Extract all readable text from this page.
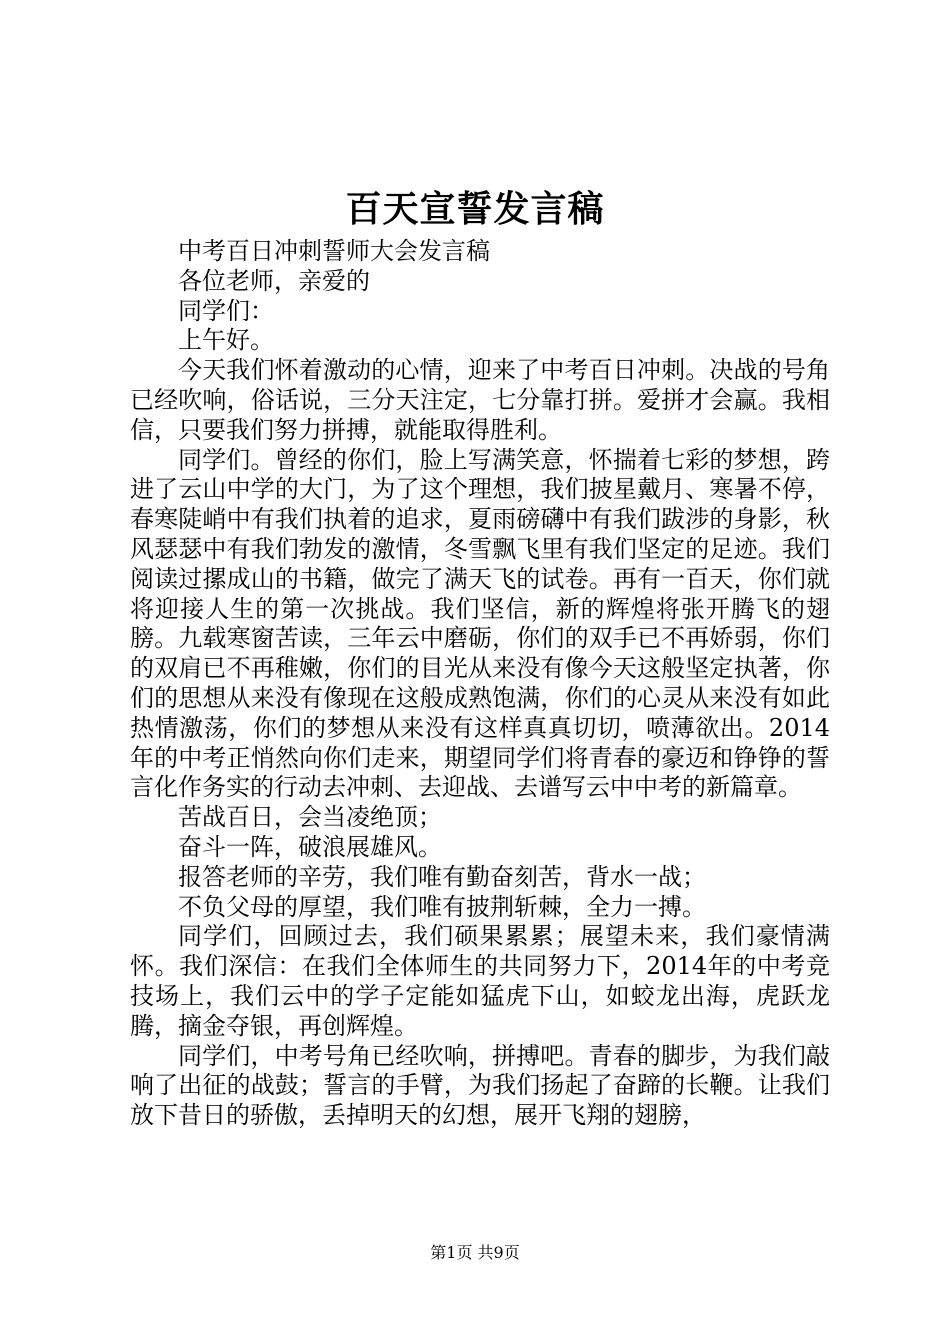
百天宣誓发言稿

中考百日冲刺誓师大会发言稿

各位老师，亲爱的

同学们：

上午好。

今天我们怀着激动的心情，迎来了中考百日冲刺。决战的号角已经吹响，俗话说，三分天注定，七分靠打拼。爱拼才会赢。我相信，只要我们努力拼搏，就能取得胜利。

同学们。曾经的你们，脸上写满笑意，怀揣着七彩的梦想，跨进了云山中学的大门，为了这个理想，我们披星戴月、寒暑不停，春寒陡峭中有我们执着的追求，夏雨磅礴中有我们跋涉的身影，秋风瑟瑟中有我们勃发的激情，冬雪飘飞里有我们坚定的足迹。我们阅读过摞成山的书籍，做完了满天飞的试卷。再有一百天，你们就将迎接人生的第一次挑战。我们坚信，新的辉煌将张开腾飞的翅膀。九载寒窗苦读，三年云中磨砺，你们的双手已不再娇弱，你们的双肩已不再稚嫩，你们的目光从来没有像今天这般坚定执著，你们的思想从来没有像现在这般成熟饱满，你们的心灵从来没有如此热情激荡，你们的梦想从来没有这样真真切切，喷薄欲出。2014年的中考正悄然向你们走来，期望同学们将青春的豪迈和铮铮的誓言化作务实的行动去冲刺、去迎战、去谱写云中中考的新篇章。

苦战百日，会当凌绝顶；

奋斗一阵，破浪展雄风。

报答老师的辛劳，我们唯有勤奋刻苦，背水一战；

不负父母的厚望，我们唯有披荆斩棘，全力一搏。

同学们，回顾过去，我们硕果累累；展望未来，我们豪情满怀。我们深信：在我们全体师生的共同努力下，2014年的中考竞技场上，我们云中的学子定能如猛虎下山，如蛟龙出海，虎跃龙腾，摘金夺银，再创辉煌。

同学们，中考号角已经吹响，拼搏吧。青春的脚步，为我们敲响了出征的战鼓；誓言的手臂，为我们扬起了奋蹄的长鞭。让我们放下昔日的骄傲，丢掉明天的幻想，展开飞翔的翅膀，

第1页 共9页
